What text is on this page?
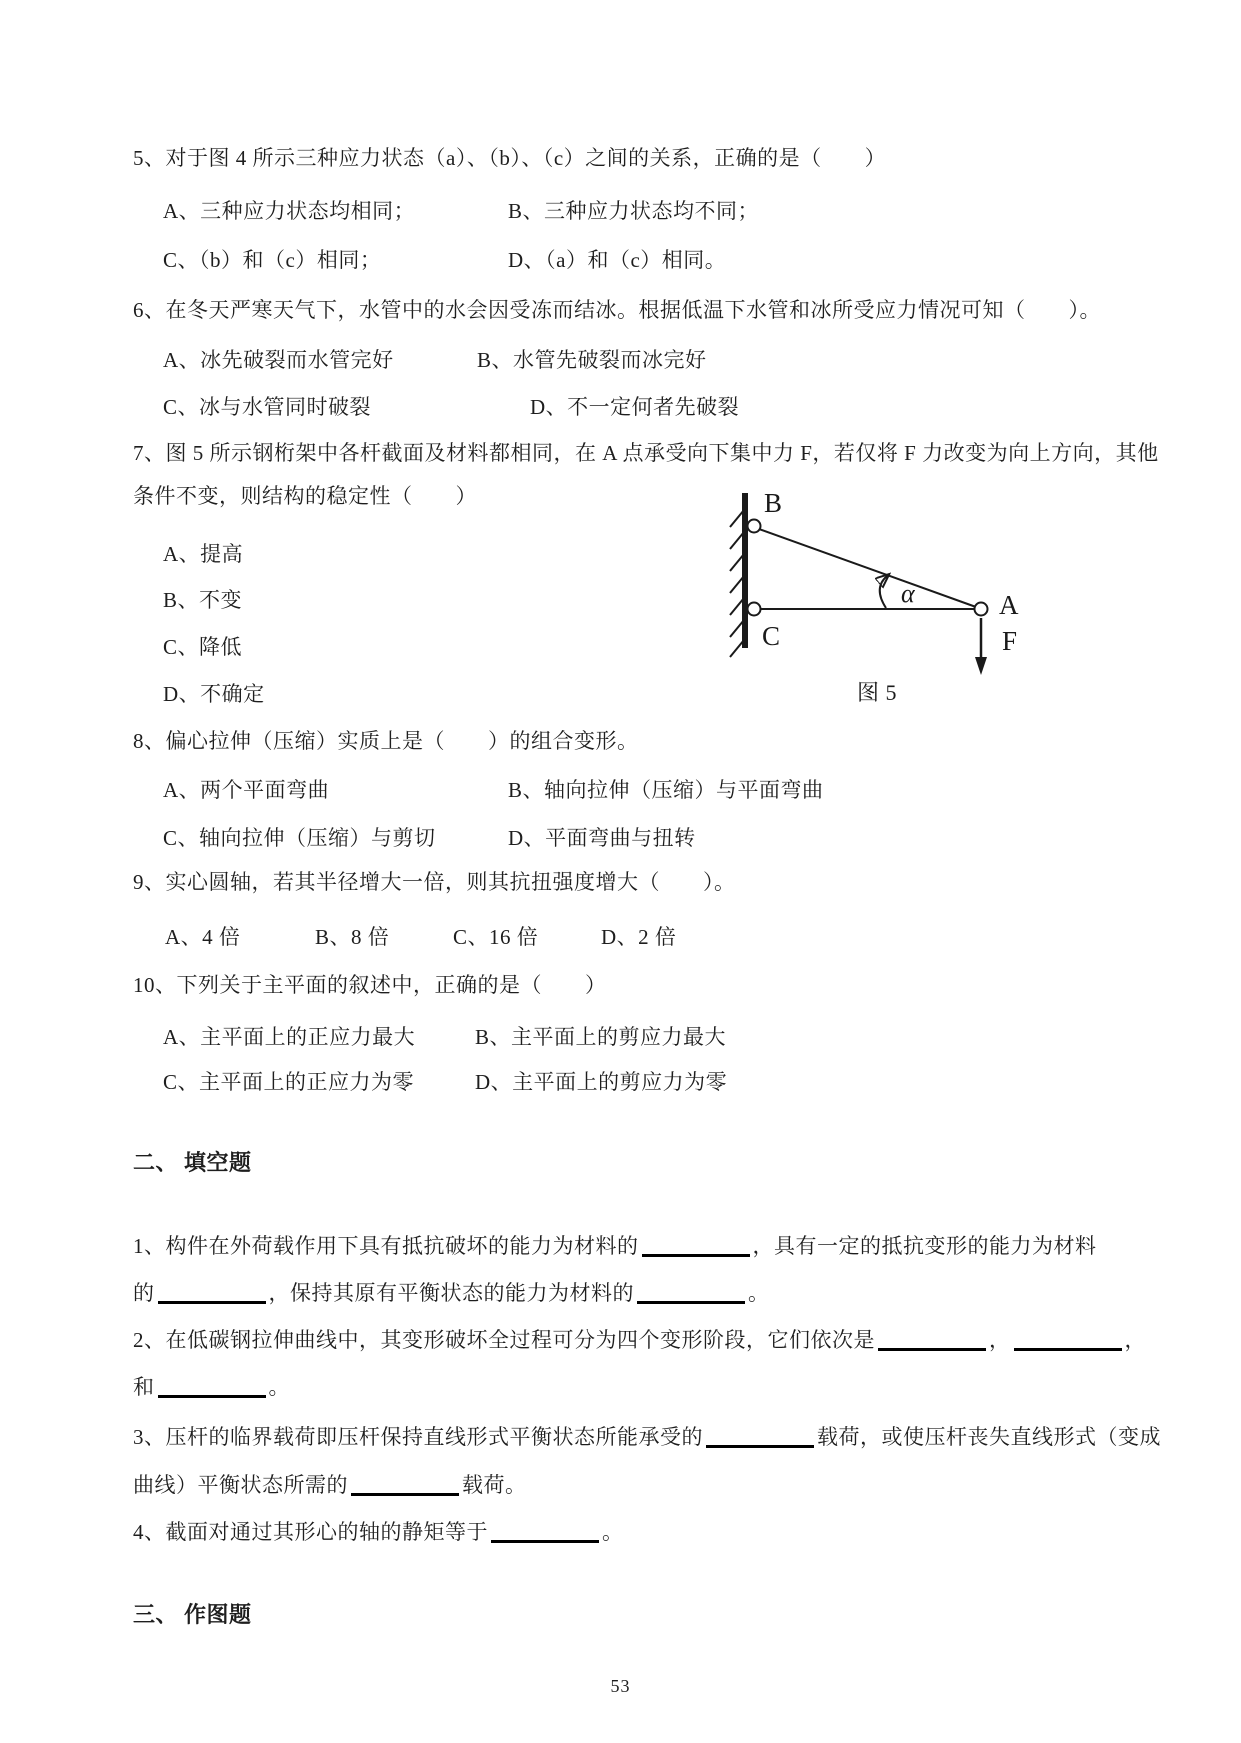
5、对于图 4 所示三种应力状态（a）、（b）、（c）之间的关系，正确的是（　　）
A、三种应力状态均相同；	B、三种应力状态均不同；
C、（b）和（c）相同；	D、（a）和（c）相同。
6、在冬天严寒天气下，水管中的水会因受冻而结冰。根据低温下水管和冰所受应力情况可知（　　）。
A、冰先破裂而水管完好	B、水管先破裂而冰完好
C、冰与水管同时破裂	D、不一定何者先破裂
7、图 5 所示钢桁架中各杆截面及材料都相同，在 A 点承受向下集中力 F，若仅将 F 力改变为向上方向，其他
条件不变，则结构的稳定性（　　）
A、提高
B、不变
C、降低
D、不确定
B
C
A
F
α
图 5
8、偏心拉伸（压缩）实质上是（　　）的组合变形。
A、两个平面弯曲	B、轴向拉伸（压缩）与平面弯曲
C、轴向拉伸（压缩）与剪切	D、平面弯曲与扭转
9、实心圆轴，若其半径增大一倍，则其抗扭强度增大（　　）。
A、4 倍	B、8 倍	C、16 倍	D、2 倍
10、下列关于主平面的叙述中，正确的是（　　）
A、主平面上的正应力最大	B、主平面上的剪应力最大
C、主平面上的正应力为零	D、主平面上的剪应力为零
二、 填空题
1、构件在外荷载作用下具有抵抗破坏的能力为材料的	，具有一定的抵抗变形的能力为材料
的	，保持其原有平衡状态的能力为材料的	。
2、在低碳钢拉伸曲线中，其变形破坏全过程可分为四个变形阶段，它们依次是	，	，
和	。
3、压杆的临界载荷即压杆保持直线形式平衡状态所能承受的	载荷，或使压杆丧失直线形式（变成
曲线）平衡状态所需的	载荷。
4、截面对通过其形心的轴的静矩等于	。
三、 作图题
53
